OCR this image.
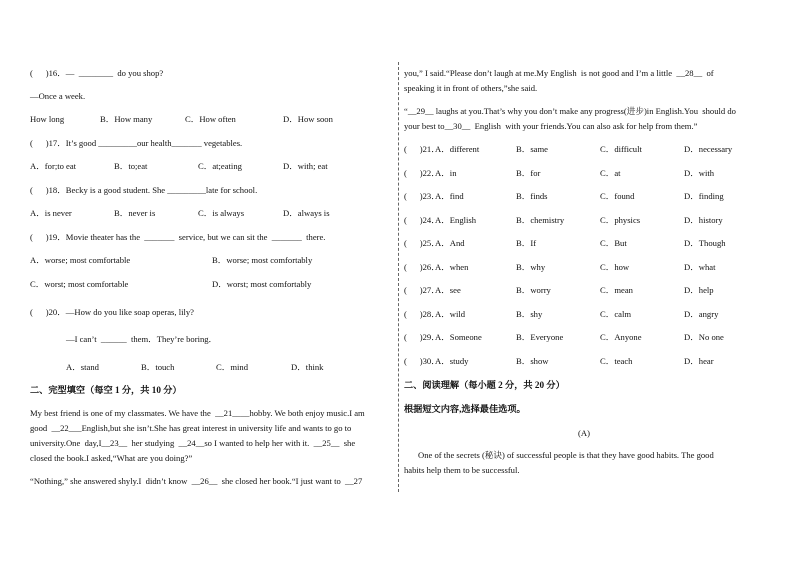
(      )16．—  ________  do you shop?
—Once a week.
How long	B．How many	C．How often	D．How soon
(      )17．It’s good _________our health_______ vegetables.
A．for;to eat	B．to;eat	C．at;eating	D．with; eat
(      )18．Becky is a good student. She _________late for school.
A．is never	B．never is	C．is always	D．always is
(      )19．Movie theater has the  _______  service, but we can sit the  _______  there.
A．worse; most comfortable	B．worse; most comfortably
C．worst; most comfortable	D．worst; most comfortably
(      )20．—How do you like soap operas, lily?
—I can’t  ______  them．They’re boring．
A．stand	B．touch	C．mind	D．think
二、完型填空（每空 1 分，共 10 分）
My best friend is one of my classmates. We have the  __21____hobby. We both enjoy music.I am
good  __22___English,but she isn’t.She has great interest in university life and wants to go to
university.One  day,I__23__  her studying  __24__so I wanted to help her with it.  __25__  she
closed the book.I asked,“What are you doing?”
“Nothing,” she answered shyly.I  didn’t know  __26__  she closed her book.“I just want to  __27
you,” I said.“Please don’t laugh at me.My English  is not good and I’m a little  __28__  of
speaking it in front of others,”she said.
“__29__ laughs at you.That’s why you don’t make any progress(进步)in English.You  should do
your best to__30__  English  with your friends.You can also ask for help from them.”
(      )21．
A．different	B．same	C．difficult	D．necessary
(      )22．
A．in	B．for	C．at	D．with
(      )23．
A．find	B．finds	C．found	D．finding
(      )24．
A．English	B．chemistry	C．physics	D．history
(      )25．
A．And	B．If	C．But	D．Though
(      )26．
A．when	B．why	C．how	D．what
(      )27．
A．see	B．worry	C．mean	D．help
(      )28．
A．wild	B．shy	C．calm	D．angry
(      )29．
A．Someone	B．Everyone	C．Anyone	D．No one
(      )30．
A．study	B．show	C．teach	D．hear
二、阅读理解（每小题 2 分，共 20 分）
根据短文内容,选择最佳选项。
(A)
One of the secrets (秘诀) of successful people is that they have good habits. The good
habits help them to be successful.
